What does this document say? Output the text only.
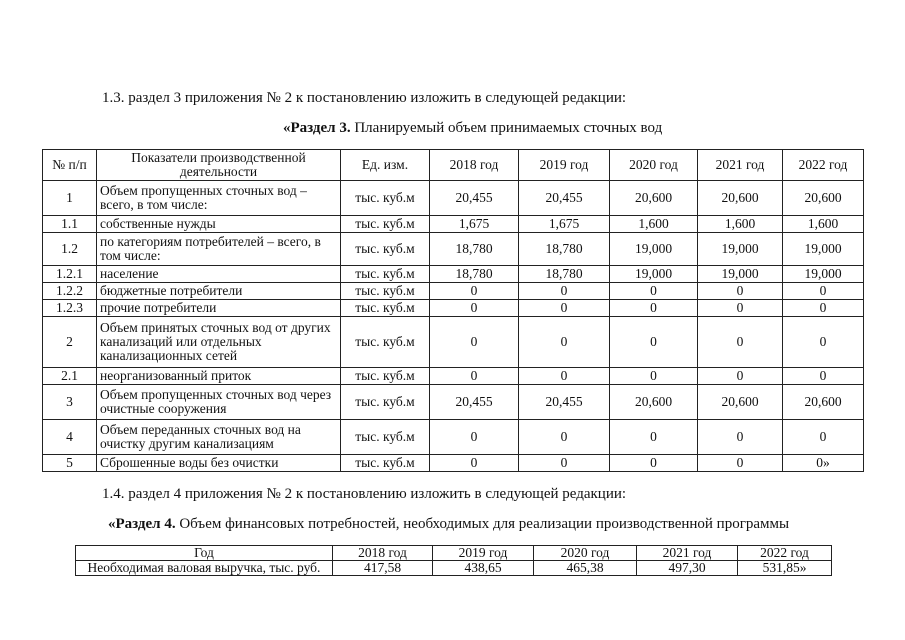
1.3. раздел 3 приложения № 2 к постановлению изложить в следующей редакции:
«Раздел 3. Планируемый объем принимаемых сточных вод
№ п/п	Показатели производственной деятельности	Ед. изм.	2018 год	2019 год	2020 год	2021 год	2022 год
1	Объем пропущенных сточных вод – всего, в том числе:	тыс. куб.м	20,455	20,455	20,600	20,600	20,600
1.1	собственные нужды	тыс. куб.м	1,675	1,675	1,600	1,600	1,600
1.2	по категориям потребителей – всего, в том числе:	тыс. куб.м	18,780	18,780	19,000	19,000	19,000
1.2.1	население	тыс. куб.м	18,780	18,780	19,000	19,000	19,000
1.2.2	бюджетные потребители	тыс. куб.м	0	0	0	0	0
1.2.3	прочие потребители	тыс. куб.м	0	0	0	0	0
2	Объем принятых сточных вод от других канализаций или отдельных канализационных сетей	тыс. куб.м	0	0	0	0	0
2.1	неорганизованный приток	тыс. куб.м	0	0	0	0	0
3	Объем пропущенных сточных вод через очистные сооружения	тыс. куб.м	20,455	20,455	20,600	20,600	20,600
4	Объем переданных сточных вод на очистку другим канализациям	тыс. куб.м	0	0	0	0	0
5	Сброшенные воды без очистки	тыс. куб.м	0	0	0	0	0»
1.4. раздел 4 приложения № 2 к постановлению изложить в следующей редакции:
«Раздел 4. Объем финансовых потребностей, необходимых для реализации производственной программы
Год	2018 год	2019 год	2020 год	2021 год	2022 год
Необходимая валовая выручка, тыс. руб.	417,58	438,65	465,38	497,30	531,85»
